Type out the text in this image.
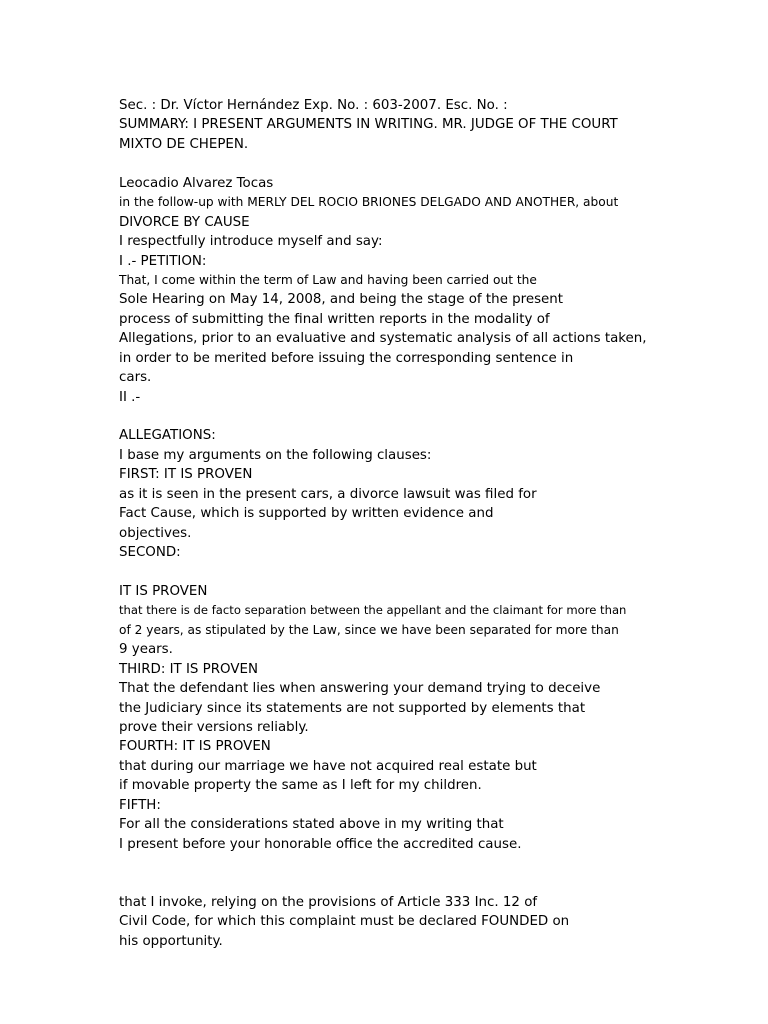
Sec. : Dr. Víctor Hernández Exp. No. : 603-2007. Esc. No. :
SUMMARY: I PRESENT ARGUMENTS IN WRITING. MR. JUDGE OF THE COURT
MIXTO DE CHEPEN.
Leocadio Alvarez Tocas
in the follow-up with MERLY DEL ROCIO BRIONES DELGADO AND ANOTHER, about
DIVORCE BY CAUSE
I respectfully introduce myself and say:
I .- PETITION:
That, I come within the term of Law and having been carried out the
Sole Hearing on May 14, 2008, and being the stage of the present
process of submitting the final written reports in the modality of
Allegations, prior to an evaluative and systematic analysis of all actions taken,
in order to be merited before issuing the corresponding sentence in
cars.
II .-
ALLEGATIONS:
I base my arguments on the following clauses:
FIRST: IT IS PROVEN
as it is seen in the present cars, a divorce lawsuit was filed for
Fact Cause, which is supported by written evidence and
objectives.
SECOND:
IT IS PROVEN
that there is de facto separation between the appellant and the claimant for more than
of 2 years, as stipulated by the Law, since we have been separated for more than
9 years.
THIRD: IT IS PROVEN
That the defendant lies when answering your demand trying to deceive
the Judiciary since its statements are not supported by elements that
prove their versions reliably.
FOURTH: IT IS PROVEN
that during our marriage we have not acquired real estate but
if movable property the same as I left for my children.
FIFTH:
For all the considerations stated above in my writing that
I present before your honorable office the accredited cause.
that I invoke, relying on the provisions of Article 333 Inc. 12 of
Civil Code, for which this complaint must be declared FOUNDED on
his opportunity.
